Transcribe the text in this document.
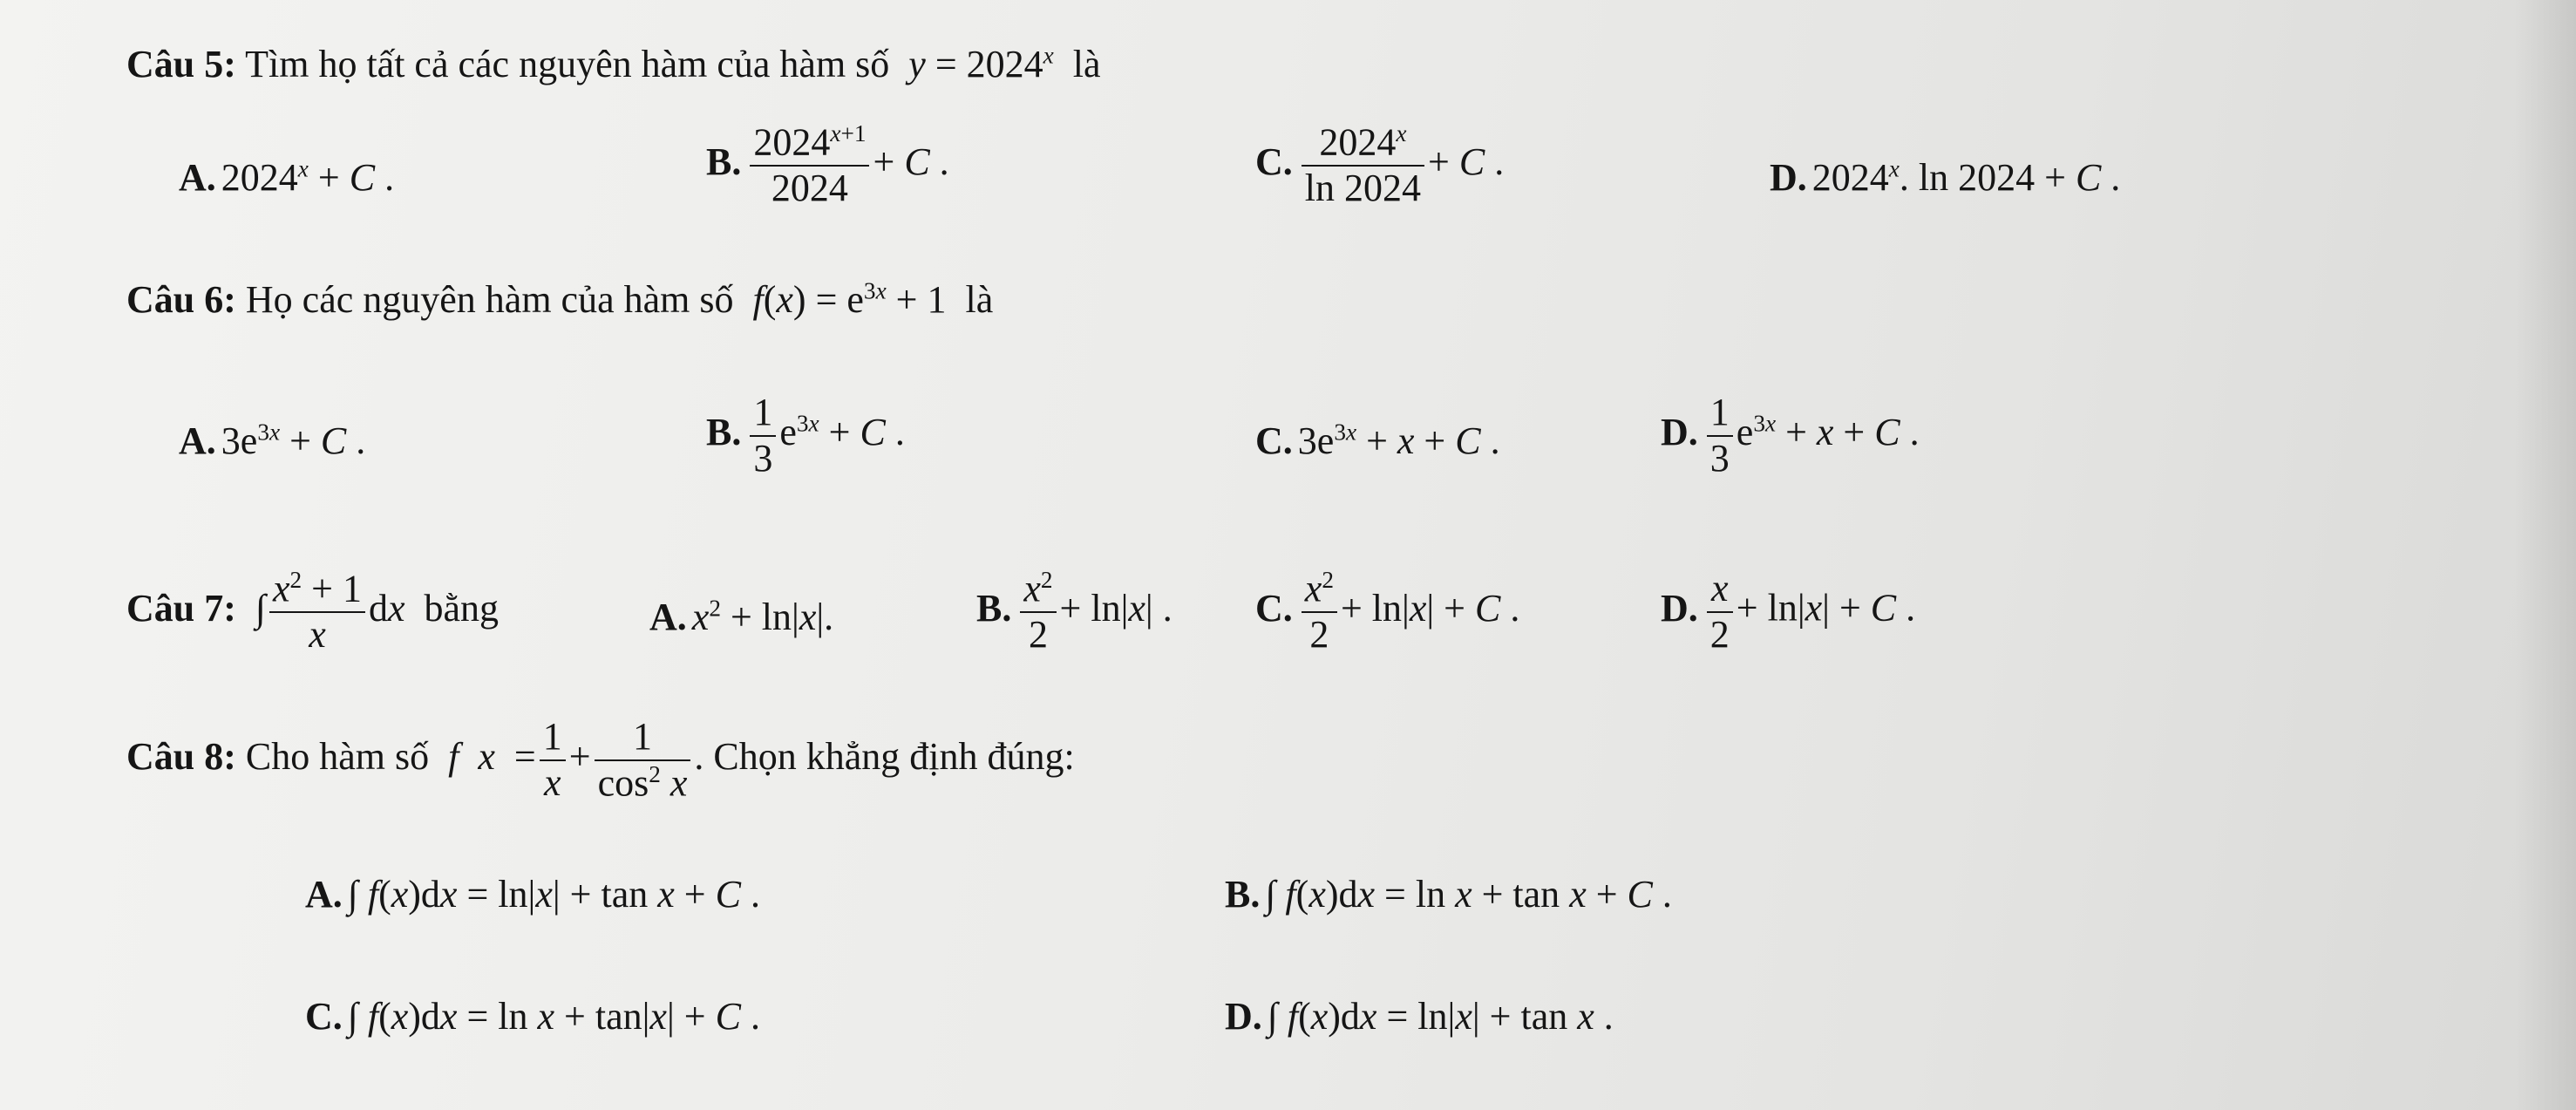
Câu 5: Tìm họ tất cả các nguyên hàm của hàm số $y = 2024^x$ là
A. $2024^x + C$ .	B. $\frac{2024^{x+1}}{2024} + C$ .	C. $\frac{2024^x}{\ln 2024} + C$ .	D. 2024$^x$. ln 2024 + C .
Câu 6: Họ các nguyên hàm của hàm số $f(x) = e^{3x} + 1$  là
A. $3e^{3x} + C$ .	B. $\frac{1}{3} e^{3x} + C$ .	C. $3e^{3x} + x + C$ .	D. $\frac{1}{3} e^{3x} + x + C$ .
Câu 7:  ∫ $\frac{x^2 + 1}{x}$ dx bằng	A. $x^2 + \ln|x|$.	B. $\frac{x^2}{2} + \ln|x|$ . C. $\frac{x^2}{2} + \ln|x| + C$ .	D. $\frac{x}{2} + \ln|x| + C$ .
Câu 8: Cho hàm số f $x = \frac{1}{x} + \frac{1}{\cos^2 x}$ . Chọn khẳng định đúng:
A. ∫ f(x)dx = ln|x| + tan x + C .	B. ∫ f(x)dx = ln x + tan x + C .
C. ∫ f(x)dx = ln x + tan|x| + C .	D. ∫ f(x)dx = ln|x| + tan x .
